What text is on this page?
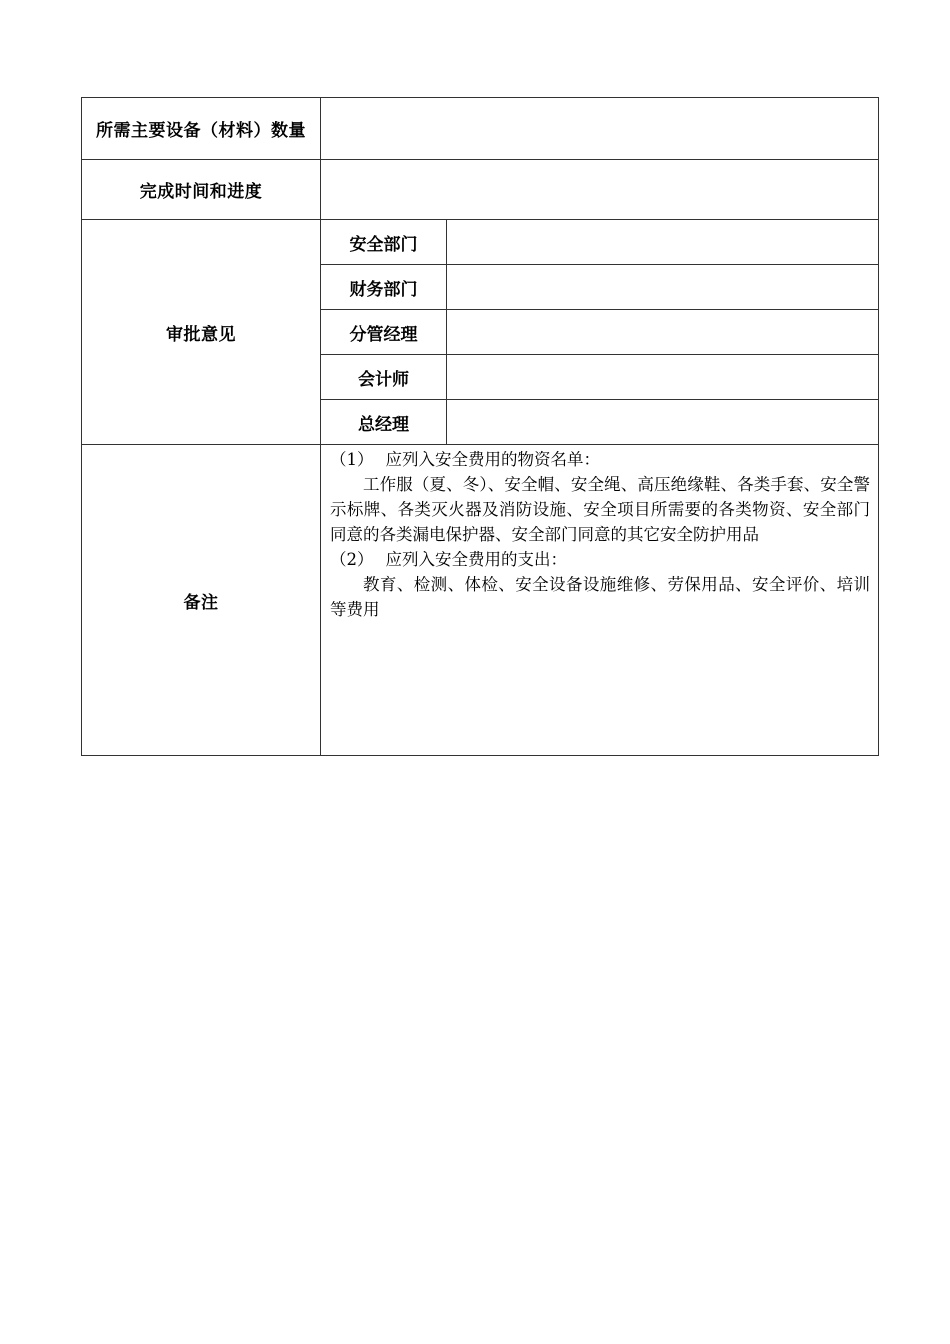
所需主要设备（材料）数量		
完成时间和进度		
审批意见	安全部门	
	财务部门	
	分管经理	
	会计师	
	总经理	
备注	（1） 应列入安全费用的物资名单：
工作服（夏、冬）、安全帽、安全绳、高压绝缘鞋、各类手套、安全警示标牌、各类灭火器及消防设施、安全项目所需要的各类物资、安全部门同意的各类漏电保护器、安全部门同意的其它安全防护用品
（2） 应列入安全费用的支出：
教育、检测、体检、安全设备设施维修、劳保用品、安全评价、培训等费用	
